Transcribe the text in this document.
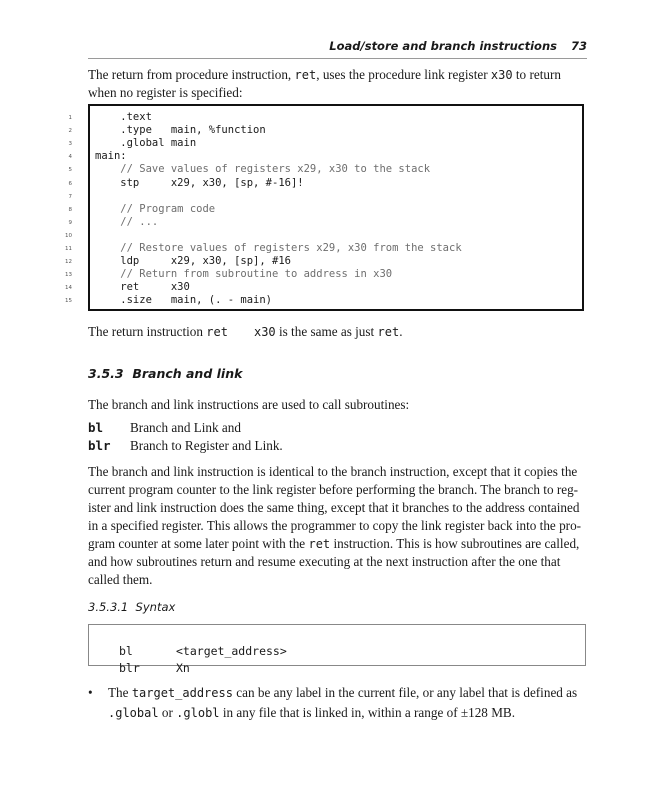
Load/store and branch instructions 73
The return from procedure instruction, ret, uses the procedure link register x30 to return
when no register is specified:
1 .text
2 .type   main, %function
3 .global main
4 main:
5 // Save values of registers x29, x30 to the stack
6 stp     x29, x30, [sp, #-16]!
7
8 // Program code
9 // ...
10
11 // Restore values of registers x29, x30 from the stack
12 ldp     x29, x30, [sp], #16
13 // Return from subroutine to address in x30
14 ret     x30
15 .size   main, (. - main)
The return instruction ret x30 is the same as just ret.
3.5.3 Branch and link
The branch and link instructions are used to call subroutines:
bl Branch and Link and
blr Branch to Register and Link.
The branch and link instruction is identical to the branch instruction, except that it copies the
current program counter to the link register before performing the branch. The branch to reg-
ister and link instruction does the same thing, except that it branches to the address contained
in a specified register. This allows the programmer to copy the link register back into the pro-
gram counter at some later point with the ret instruction. This is how subroutines are called,
and how subroutines return and resume executing at the next instruction after the one that
called them.
3.5.3.1 Syntax

bl	<target_address>

blr	Xn

• The target_address can be any label in the current file, or any label that is defined as
.global or .globl in any file that is linked in, within a range of ±128 MB.
